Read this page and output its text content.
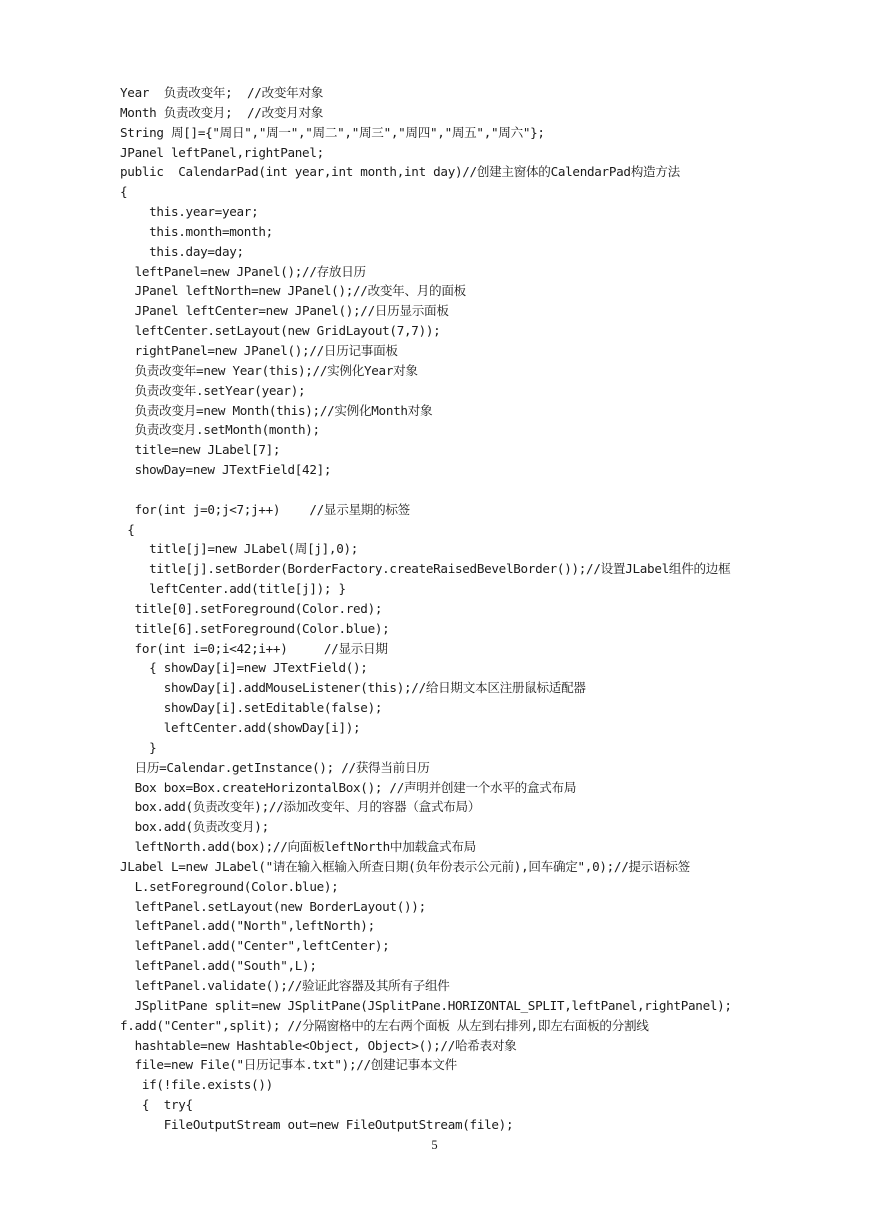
Year  负责改变年;  //改变年对象
Month 负责改变月;  //改变月对象
String 周[]={"周日","周一","周二","周三","周四","周五","周六"};
JPanel leftPanel,rightPanel;
public  CalendarPad(int year,int month,int day)//创建主窗体的CalendarPad构造方法
{
this.year=year;
this.month=month;
this.day=day;
leftPanel=new JPanel();//存放日历
JPanel leftNorth=new JPanel();//改变年、月的面板
JPanel leftCenter=new JPanel();//日历显示面板
leftCenter.setLayout(new GridLayout(7,7));
rightPanel=new JPanel();//日历记事面板
负责改变年=new Year(this);//实例化Year对象
负责改变年.setYear(year);
负责改变月=new Month(this);//实例化Month对象
负责改变月.setMonth(month);
title=new JLabel[7];
showDay=new JTextField[42];
for(int j=0;j<7;j++)    //显示星期的标签
{
title[j]=new JLabel(周[j],0);
title[j].setBorder(BorderFactory.createRaisedBevelBorder());//设置JLabel组件的边框
leftCenter.add(title[j]); }
title[0].setForeground(Color.red);
title[6].setForeground(Color.blue);
for(int i=0;i<42;i++)     //显示日期
{ showDay[i]=new JTextField();
showDay[i].addMouseListener(this);//给日期文本区注册鼠标适配器
showDay[i].setEditable(false);
leftCenter.add(showDay[i]);
}
日历=Calendar.getInstance(); //获得当前日历
Box box=Box.createHorizontalBox(); //声明并创建一个水平的盒式布局
box.add(负责改变年);//添加改变年、月的容器（盒式布局）
box.add(负责改变月);
leftNorth.add(box);//向面板leftNorth中加载盒式布局
JLabel L=new JLabel("请在输入框输入所查日期(负年份表示公元前),回车确定",0);//提示语标签
L.setForeground(Color.blue);
leftPanel.setLayout(new BorderLayout());
leftPanel.add("North",leftNorth);
leftPanel.add("Center",leftCenter);
leftPanel.add("South",L);
leftPanel.validate();//验证此容器及其所有子组件
JSplitPane split=new JSplitPane(JSplitPane.HORIZONTAL_SPLIT,leftPanel,rightPanel);
f.add("Center",split); //分隔窗格中的左右两个面板 从左到右排列,即左右面板的分割线
hashtable=new Hashtable<Object, Object>();//哈希表对象
file=new File("日历记事本.txt");//创建记事本文件
if(!file.exists())
{  try{
FileOutputStream out=new FileOutputStream(file);
5
